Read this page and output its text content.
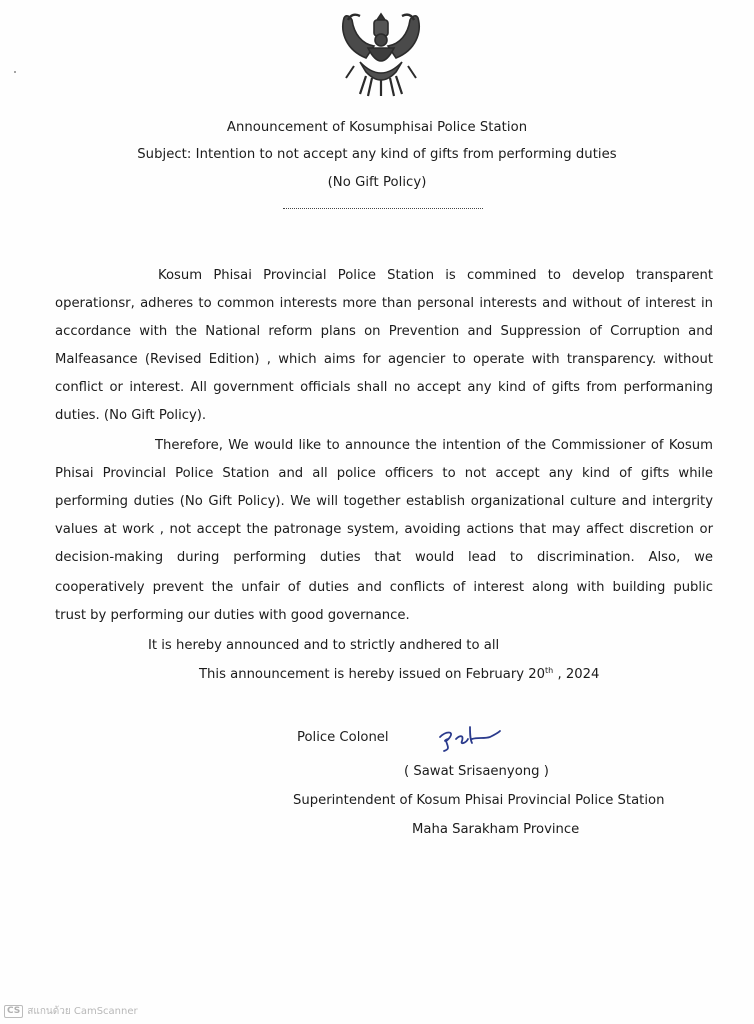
Announcement of Kosumphisai Police Station
Subject: Intention to not accept any kind of gifts from performing duties
(No Gift Policy)
Kosum Phisai Provincial Police Station is commined to develop transparent
operationsr, adheres to common interests more than personal interests and without of interest in
accordance with the National reform plans on Prevention and Suppression of Corruption and
Malfeasance (Revised Edition) , which aims for agencier to operate with transparency. without
conflict or interest. All government officials shall no accept any kind of gifts from performaning
duties. (No Gift Policy).
Therefore, We would like to announce the intention of the Commissioner of Kosum
Phisai Provincial Police Station and all police officers to not accept any kind of gifts while
performing duties (No Gift Policy). We will together establish organizational culture and intergrity
values at work , not accept the patronage system, avoiding actions that may affect discretion or
decision-making during performing duties that would lead to discrimination. Also, we
cooperatively prevent the unfair of duties and conflicts of interest along with building public
trust by performing our duties with good governance.
It is hereby announced and to strictly andhered to all
This announcement is hereby issued on February 20th , 2024
Police Colonel
( Sawat Srisaenyong )
Superintendent of Kosum Phisai Provincial Police Station
Maha Sarakham Province
CS สแกนด้วย CamScanner
